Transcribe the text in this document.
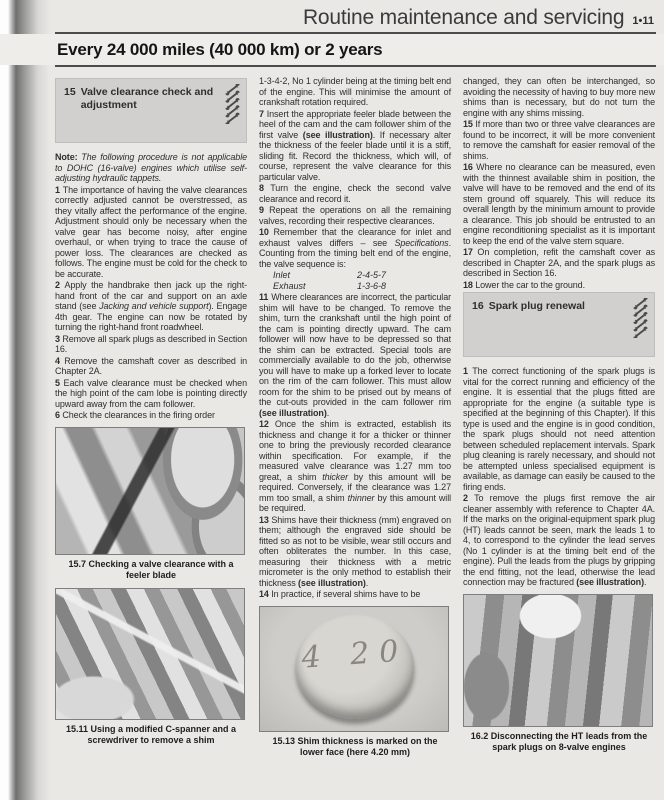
Routine maintenance and servicing 1•11
Every 24 000 miles (40 000 km) or 2 years
15 Valve clearance check and adjustment

Note: The following procedure is not applicable to DOHC (16-valve) engines which utilise self-adjusting hydraulic tappets.

1 The importance of having the valve clearances correctly adjusted cannot be overstressed, as they vitally affect the performance of the engine. Adjustment should only be necessary when the valve gear has become noisy, after engine overhaul, or when trying to trace the cause of power loss. The clearances are checked as follows. The engine must be cold for the check to be accurate.

2 Apply the handbrake then jack up the right-hand front of the car and support on an axle stand (see Jacking and vehicle support). Engage 4th gear. The engine can now be rotated by turning the right-hand front roadwheel.

3 Remove all spark plugs as described in Section 16.

4 Remove the camshaft cover as described in Chapter 2A.

5 Each valve clearance must be checked when the high point of the cam lobe is pointing directly upward away from the cam follower.

6 Check the clearances in the firing order

15.7 Checking a valve clearance with a feeler blade
15.11 Using a modified C-spanner and a screwdriver to remove a shim

1-3-4-2, No 1 cylinder being at the timing belt end of the engine. This will minimise the amount of crankshaft rotation required.

7 Insert the appropriate feeler blade between the heel of the cam and the cam follower shim of the first valve (see illustration). If necessary alter the thickness of the feeler blade until it is a stiff, sliding fit. Record the thickness, which will, of course, represent the valve clearance for this particular valve.

8 Turn the engine, check the second valve clearance and record it.

9 Repeat the operations on all the remaining valves, recording their respective clearances.

10 Remember that the clearance for inlet and exhaust valves differs – see Specifications. Counting from the timing belt end of the engine, the valve sequence is:

Inlet	2-4-5-7
Exhaust	1-3-6-8

11 Where clearances are incorrect, the particular shim will have to be changed. To remove the shim, turn the crankshaft until the high point of the cam is pointing directly upward. The cam follower will now have to be depressed so that the shim can be extracted. Special tools are commercially available to do the job, otherwise you will have to make up a forked lever to locate on the rim of the cam follower. This must allow room for the shim to be prised out by means of the cut-outs provided in the cam follower rim (see illustration).

12 Once the shim is extracted, establish its thickness and change it for a thicker or thinner one to bring the previously recorded clearance within specification. For example, if the measured valve clearance was 1.27 mm too great, a shim thicker by this amount will be required. Conversely, if the clearance was 1.27 mm too small, a shim thinner by this amount will be required.

13 Shims have their thickness (mm) engraved on them; although the engraved side should be fitted so as not to be visible, wear still occurs and often obliterates the number. In this case, measuring their thickness with a metric micrometer is the only method to establish their thickness (see illustration).

14 In practice, if several shims have to be

4 20
15.13 Shim thickness is marked on the lower face (here 4.20 mm)

changed, they can often be interchanged, so avoiding the necessity of having to buy more new shims than is necessary, but do not turn the engine with any shims missing.

15 If more than two or three valve clearances are found to be incorrect, it will be more convenient to remove the camshaft for easier removal of the shims.

16 Where no clearance can be measured, even with the thinnest available shim in position, the valve will have to be removed and the end of its stem ground off squarely. This will reduce its overall length by the minimum amount to provide a clearance. This job should be entrusted to an engine reconditioning specialist as it is important to keep the end of the valve stem square.

17 On completion, refit the camshaft cover as described in Chapter 2A, and the spark plugs as described in Section 16.

18 Lower the car to the ground.

16 Spark plug renewal

1 The correct functioning of the spark plugs is vital for the correct running and efficiency of the engine. It is essential that the plugs fitted are appropriate for the engine (a suitable type is specified at the beginning of this Chapter). If this type is used and the engine is in good condition, the spark plugs should not need attention between scheduled replacement intervals. Spark plug cleaning is rarely necessary, and should not be attempted unless specialised equipment is available, as damage can easily be caused to the firing ends.

2 To remove the plugs first remove the air cleaner assembly with reference to Chapter 4A. If the marks on the original-equipment spark plug (HT) leads cannot be seen, mark the leads 1 to 4, to correspond to the cylinder the lead serves (No 1 cylinder is at the timing belt end of the engine). Pull the leads from the plugs by gripping the end fitting, not the lead, otherwise the lead connection may be fractured (see illustration).

16.2 Disconnecting the HT leads from the spark plugs on 8-valve engines
